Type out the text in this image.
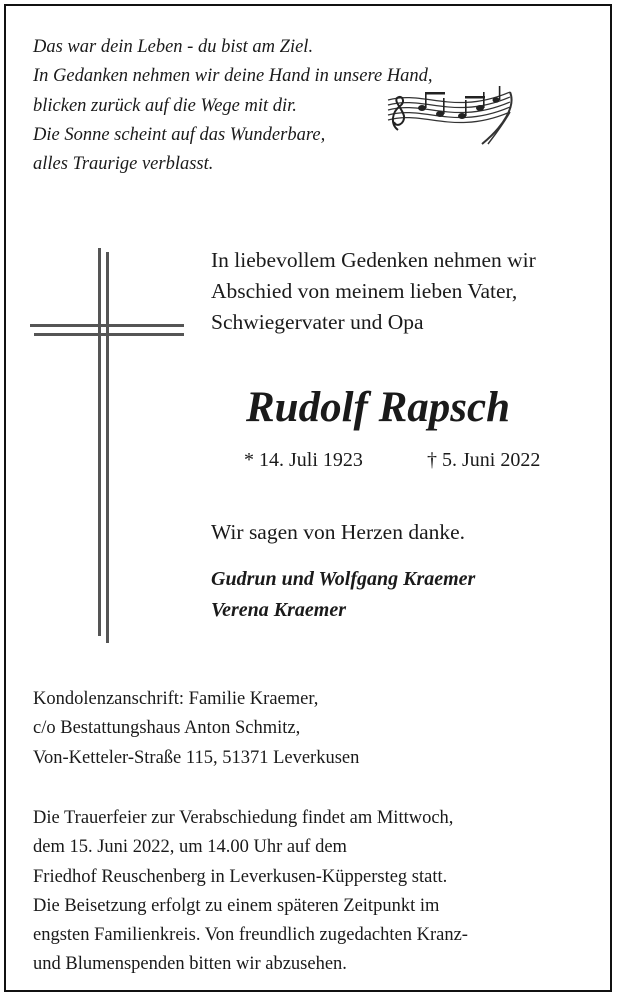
Das war dein Leben - du bist am Ziel.
In Gedanken nehmen wir deine Hand in unsere Hand,
blicken zurück auf die Wege mit dir.
Die Sonne scheint auf das Wunderbare,
alles Traurige verblasst.
In liebevollem Gedenken nehmen wir
Abschied von meinem lieben Vater,
Schwiegervater und Opa
Rudolf Rapsch
* 14. Juli 1923	† 5. Juni 2022
Wir sagen von Herzen danke.
Gudrun und Wolfgang Kraemer
Verena Kraemer
Kondolenzanschrift: Familie Kraemer,
c/o Bestattungshaus Anton Schmitz,
Von-Ketteler-Straße 115, 51371 Leverkusen
Die Trauerfeier zur Verabschiedung findet am Mittwoch,
dem 15. Juni 2022, um 14.00 Uhr auf dem
Friedhof Reuschenberg in Leverkusen-Küppersteg statt.
Die Beisetzung erfolgt zu einem späteren Zeitpunkt im
engsten Familienkreis. Von freundlich zugedachten Kranz-
und Blumenspenden bitten wir abzusehen.
